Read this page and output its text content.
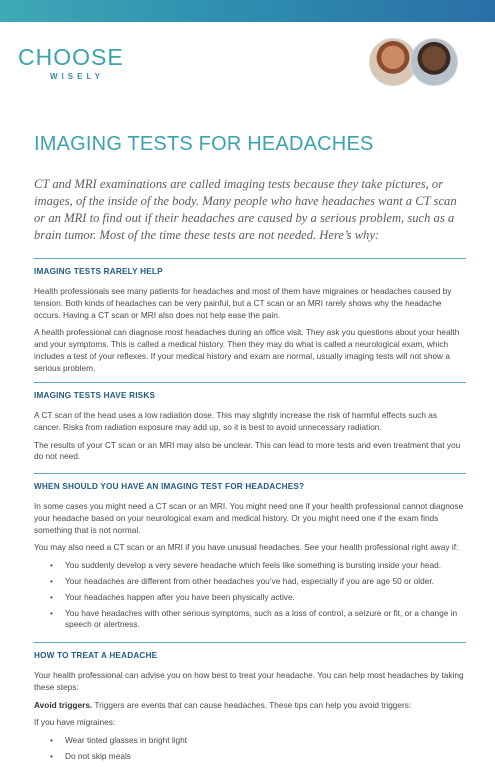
CHOOSE
WISELY
IMAGING TESTS FOR HEADACHES

CT and MRI examinations are called imaging tests because they take pictures, or images, of the inside of the body. Many people who have headaches want a CT scan or an MRI to find out if their headaches are caused by a serious problem, such as a brain tumor. Most of the time these tests are not needed. Here’s why:

IMAGING TESTS RARELY HELP

Health professionals see many patients for headaches and most of them have migraines or headaches caused by tension. Both kinds of headaches can be very painful, but a CT scan or an MRI rarely shows why the headache occurs. Having a CT scan or MRI also does not help ease the pain.

A health professional can diagnose most headaches during an office visit. They ask you questions about your health and your symptoms. This is called a medical history. Then they may do what is called a neurological exam, which includes a test of your reflexes. If your medical history and exam are normal, usually imaging tests will not show a serious problem.

IMAGING TESTS HAVE RISKS

A CT scan of the head uses a low radiation dose. This may slightly increase the risk of harmful effects such as cancer. Risks from radiation exposure may add up, so it is best to avoid unnecessary radiation.

The results of your CT scan or an MRI may also be unclear. This can lead to more tests and even treatment that you do not need.

WHEN SHOULD YOU HAVE AN IMAGING TEST FOR HEADACHES?

In some cases you might need a CT scan or an MRI. You might need one if your health professional cannot diagnose your headache based on your neurological exam and medical history. Or you might need one if the exam finds something that is not normal.

You may also need a CT scan or an MRI if you have unusual headaches. See your health professional right away if:

• You suddenly develop a very severe headache which feels like something is bursting inside your head.
• Your headaches are different from other headaches you’ve had, especially if you are age 50 or older.
• Your headaches happen after you have been physically active.
• You have headaches with other serious symptoms, such as a loss of control, a seizure or fit, or a change in speech or alertness.
HOW TO TREAT A HEADACHE

Your health professional can advise you on how best to treat your headache. You can help most headaches by taking these steps:

Avoid triggers. Triggers are events that can cause headaches. These tips can help you avoid triggers:

If you have migraines:

• Wear tinted glasses in bright light
• Do not skip meals
